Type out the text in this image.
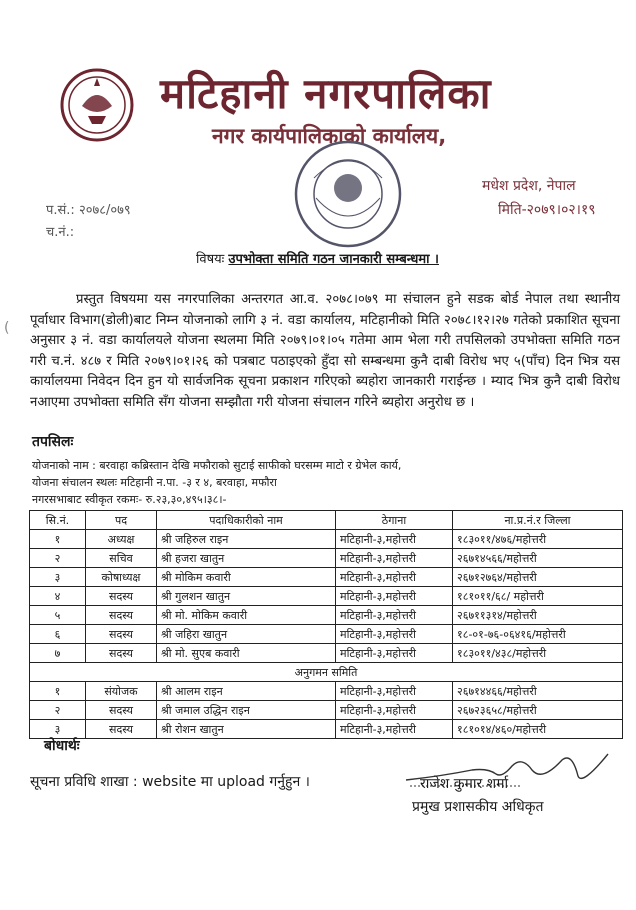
मटिहानी नगरपालिका
नगर कार्यपालिकाको कार्यालय,
मधेश प्रदेश, नेपाल
मिति-२०७९।०२।१९
प.सं.: २०७८/०७९
च.नं.:
विषयः उपभोक्ता समिति गठन जानकारी सम्बन्धमा ।
(
प्रस्तुत विषयमा यस नगरपालिका अन्तरगत आ.व. २०७८।०७९ मा संचालन हुने सडक बोर्ड नेपाल तथा स्थानीय पूर्वाधार विभाग(डोली)बाट निम्न योजनाको लागि ३ नं. वडा कार्यालय, मटिहानीको मिति २०७८।१२।२७ गतेको प्रकाशित सूचना अनुसार ३ नं. वडा कार्यालयले योजना स्थलमा मिति २०७९।०१।०५ गतेमा आम भेला गरी तपसिलको उपभोक्ता समिति गठन गरी च.नं. ४८७ र मिति २०७९।०१।२६ को पत्रबाट पठाइएको हुँदा सो सम्बन्धमा कुनै दाबी विरोध भए ५(पाँच) दिन भित्र यस कार्यालयमा निवेदन दिन हुन यो सार्वजनिक सूचना प्रकाशन गरिएको ब्यहोरा जानकारी गराईन्छ । म्याद भित्र कुनै दाबी विरोध नआएमा उपभोक्ता समिति सँग योजना सम्झौता गरी योजना संचालन गरिने ब्यहोरा अनुरोध छ ।
तपसिलः
योजनाको नाम : बरवाहा कब्रिस्तान देखि मफौराको सुटाई साफीको घरसम्म माटो र ग्रेभेल कार्य,
योजना संचालन स्थलः मटिहानी न.पा. -३ र ४, बरवाहा, मफौरा
नगरसभाबाट स्वीकृत रकमः- रु.२३,३०,४९५।३८।-
सि.नं.	पद	पदाधिकारीको नाम	ठेगाना	ना.प्र.नं.र जिल्ला
१	अध्यक्ष	श्री जहिरुल राइन	मटिहानी-३,महोत्तरी	१८३०११/४७६/महोत्तरी
२	सचिव	श्री हजरा खातुन	मटिहानी-३,महोत्तरी	२६७१४५६६/महोत्तरी
३	कोषाध्यक्ष	श्री मोकिम कवारी	मटिहानी-३,महोत्तरी	२६७१२७६४/महोत्तरी
४	सदस्य	श्री गुलशन खातुन	मटिहानी-३,महोत्तरी	१८१०११/६८/ महोत्तरी
५	सदस्य	श्री मो. मोकिम कवारी	मटिहानी-३,महोत्तरी	२६७११३१४/महोत्तरी
६	सदस्य	श्री जहिरा खातुन	मटिहानी-३,महोत्तरी	१८-०१-७६-०६४१६/महोत्तरी
७	सदस्य	श्री मो. सुएब कवारी	मटिहानी-३,महोत्तरी	१८३०११/४३८/महोत्तरी
अनुगमन समिति				
१	संयोजक	श्री आलम राइन	मटिहानी-३,महोत्तरी	२६७१४४६६/महोत्तरी
२	सदस्य	श्री जमाल उद्धिन राइन	मटिहानी-३,महोत्तरी	२६७२३६५८/महोत्तरी
३	सदस्य	श्री रोशन खातुन	मटिहानी-३,महोत्तरी	१८१०१४/४६०/महोत्तरी
बोधार्थः
सूचना प्रविधि शाखा : website मा upload गर्नुहुन ।	राजेश कुमार शर्मा
प्रमुख प्रशासकीय अधिकृत
